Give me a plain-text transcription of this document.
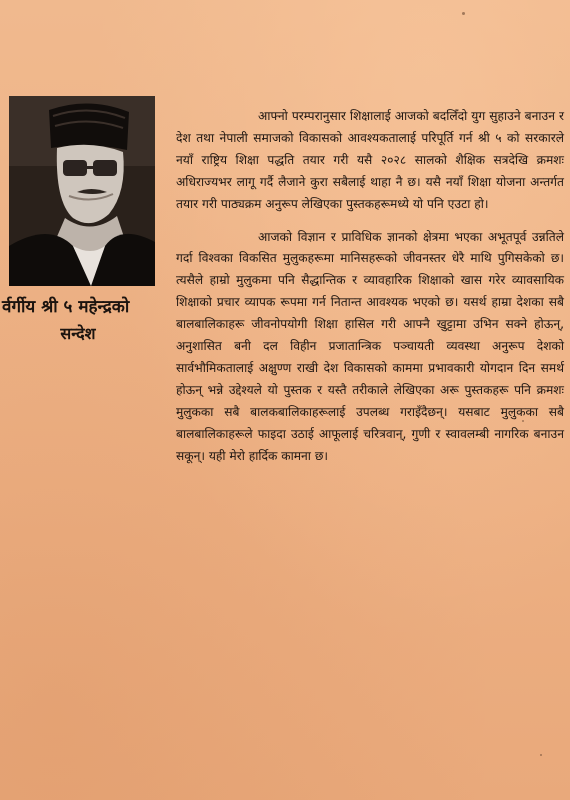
र्वर्गीय श्री ५ महेन्द्रको
सन्देश

आफ्नो परम्परानुसार शिक्षालाई आजको बदलिँदो युग सुहाउने बनाउन र देश तथा नेपाली समाजको विकासको आवश्यकतालाई परिपूर्ति गर्न श्री ५ को सरकारले नयाँ राष्ट्रिय शिक्षा पद्धति तयार गरी यसै २०२८ सालको शैक्षिक सत्रदेखि क्रमशः अधिराज्यभर लागू गर्दै लैजाने कुरा सबैलाई थाहा नै छ। यसै नयाँ शिक्षा योजना अन्तर्गत तयार गरी पाठ्यक्रम अनुरूप लेखिएका पुस्तकहरूमध्ये यो पनि एउटा हो।

आजको विज्ञान र प्राविधिक ज्ञानको क्षेत्रमा भएका अभूतपूर्व उन्नतिले गर्दा विश्वका विकसित मुलुकहरूमा मानिसहरूको जीवनस्तर धेरै माथि पुगिसकेको छ। त्यसैले हाम्रो मुलुकमा पनि सैद्धान्तिक र व्यावहारिक शिक्षाको खास गरेर व्यावसायिक शिक्षाको प्रचार व्यापक रूपमा गर्न नितान्त आवश्यक भएको छ। यसर्थ हाम्रा देशका सबै बालबालिकाहरू जीवनोपयोगी शिक्षा हासिल गरी आफ्नै खुट्टामा उभिन सक्ने होऊन्, अनुशासित बनी दल विहीन प्रजातान्त्रिक पञ्चायती व्यवस्था अनुरूप देशको सार्वभौमिकतालाई अक्षुण्ण राखी देश विकासको काममा प्रभावकारी योगदान दिन समर्थ होऊन् भन्ने उद्देश्यले यो पुस्तक र यस्तै तरीकाले लेखिएका अरू पुस्तकहरू पनि क्रमशः मुलुकका सबै बालकबालिकाहरूलाई उपलब्ध गराइँदैछन्। यसबाट मुलुकका सबै बालबालिकाहरूले फाइदा उठाई आफूलाई चरित्रवान्, गुणी र स्वावलम्बी नागरिक बनाउन सकून्। यही मेरो हार्दिक कामना छ।
